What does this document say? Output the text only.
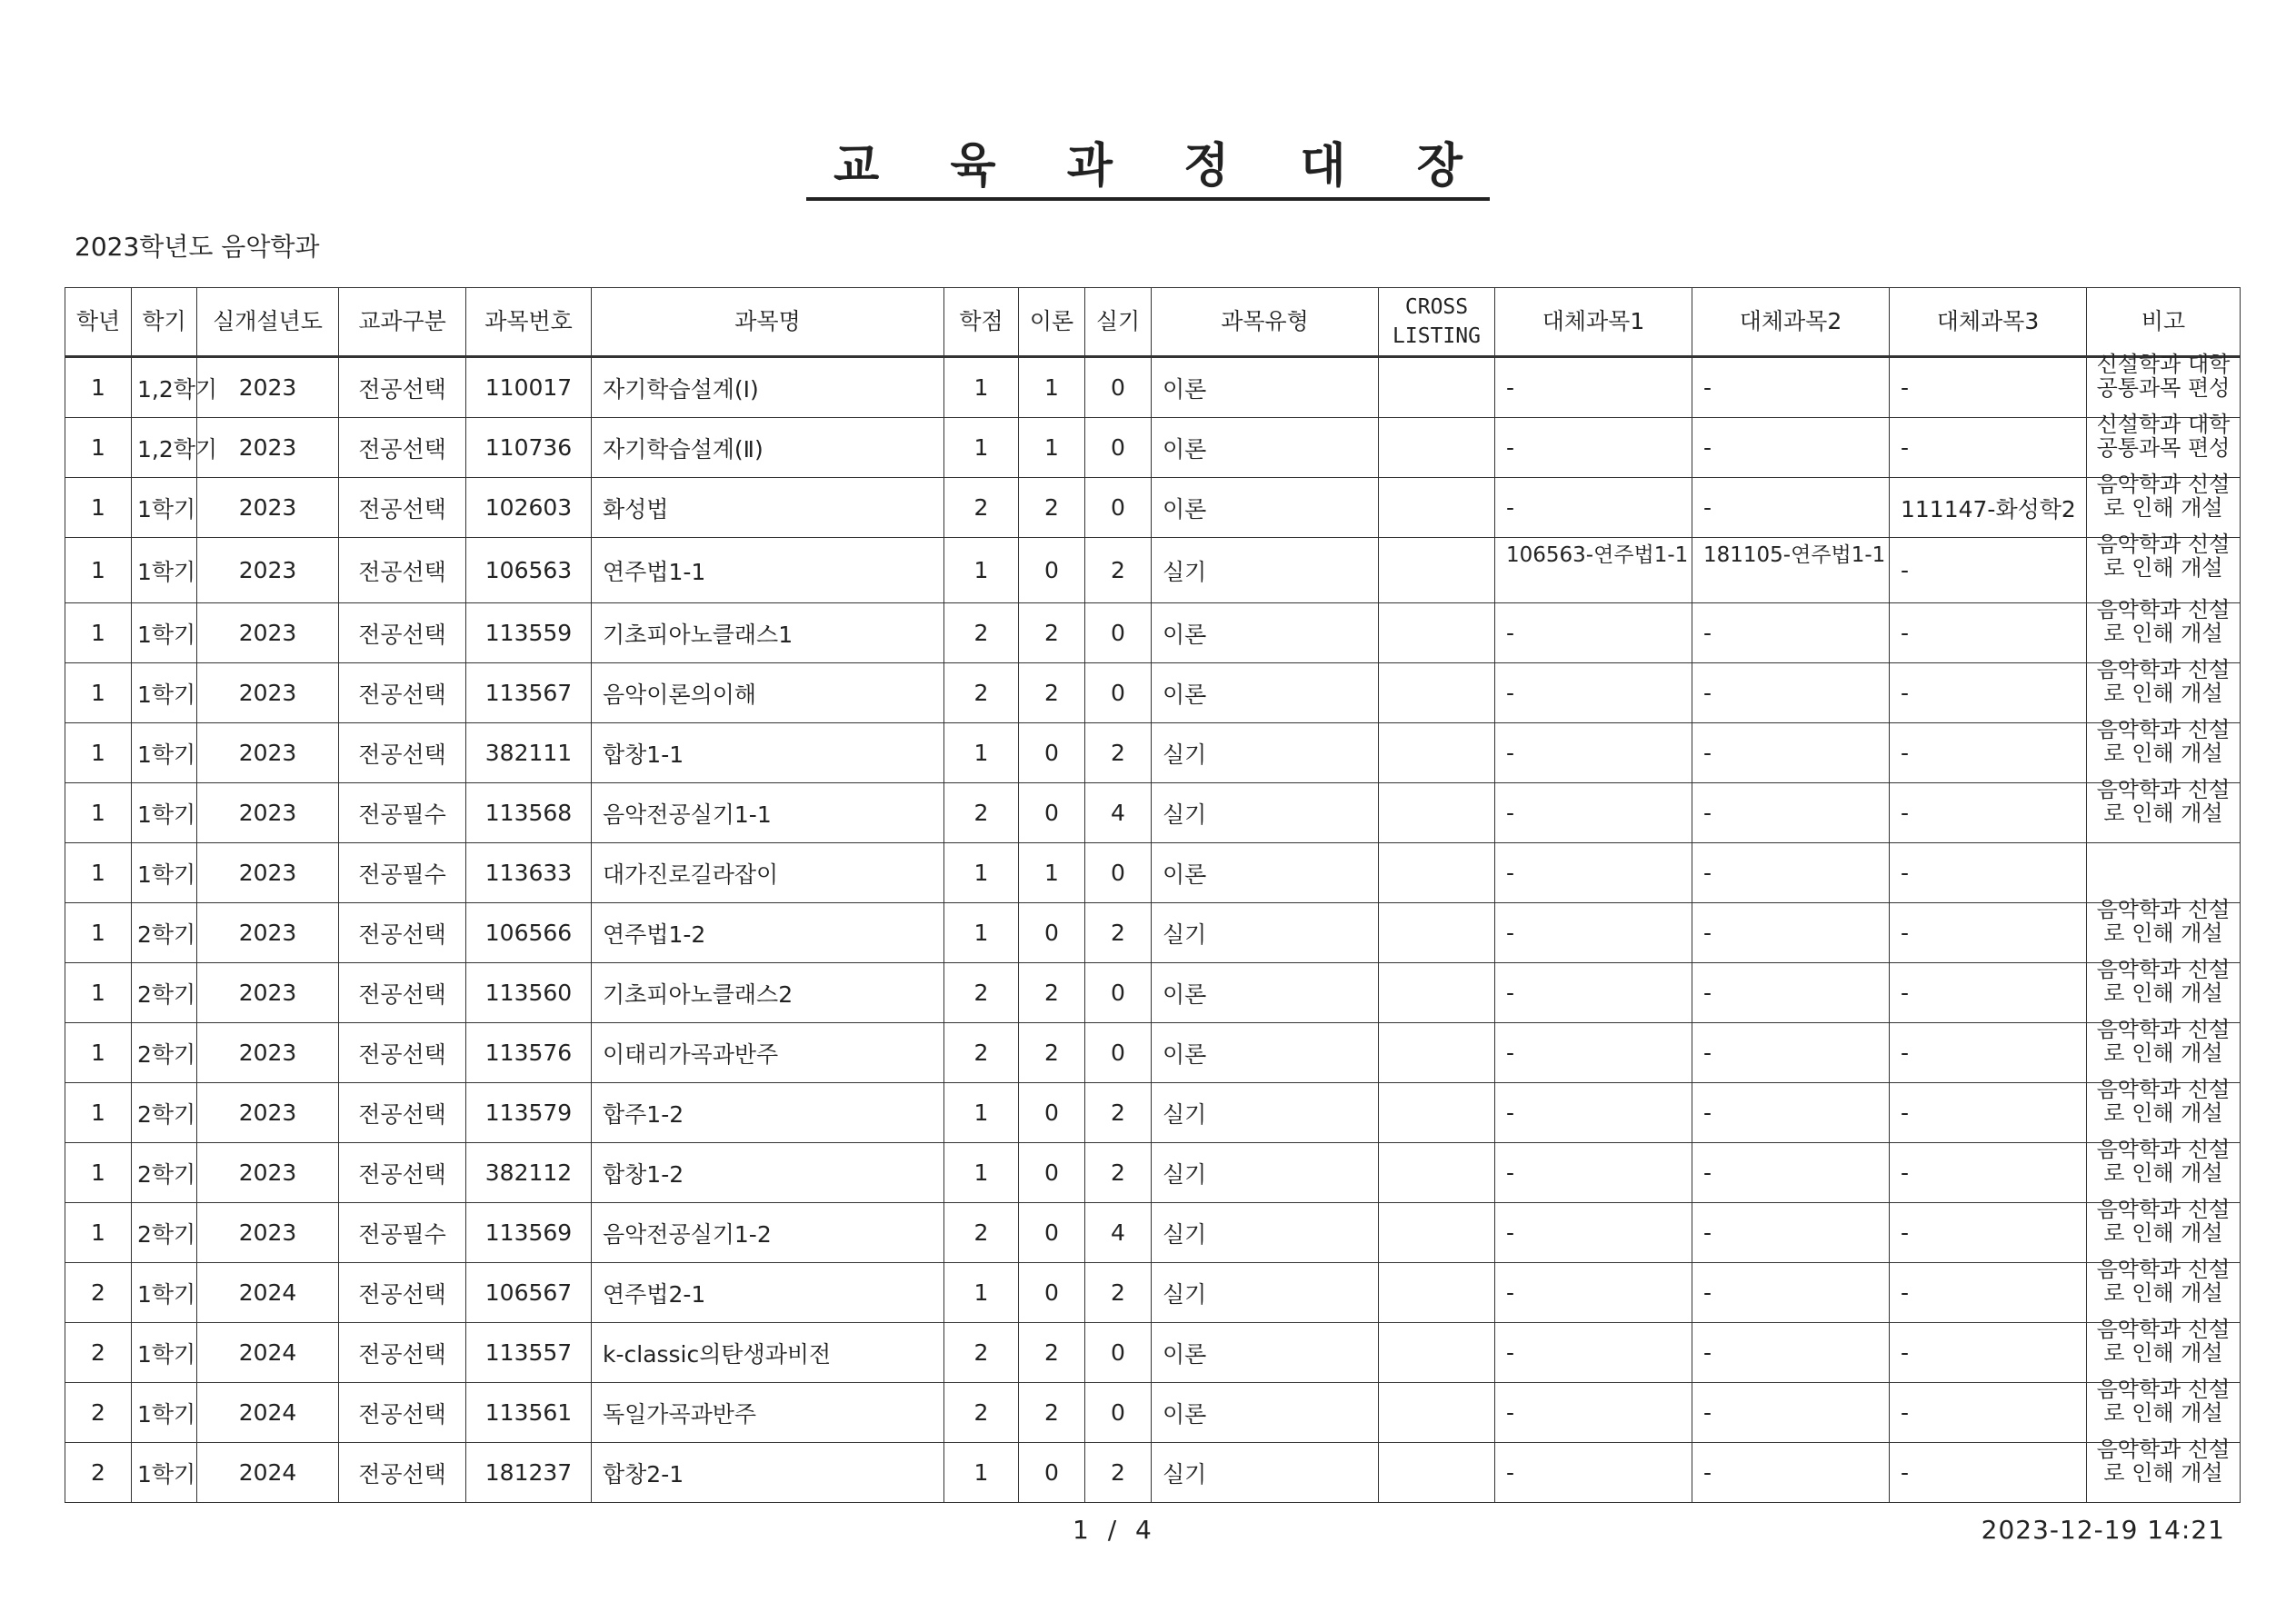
교 육 과 정 대 장
2023학년도 음악학과
학년	학기	실개설년도	교과구분	과목번호	과목명	학점	이론	실기	과목유형	CROSS LISTING	대체과목1	대체과목2	대체과목3	비고
1	1,2학기	2023	전공선택	110017	자기학습설계(Ⅰ)	1	1	0	이론		-	-	-	신설학과 대학공통과목 편성

1	1,2학기	2023	전공선택	110736	자기학습설계(Ⅱ)	1	1	0	이론		-	-	-	신설학과 대학공통과목 편성

1	1학기	2023	전공선택	102603	화성법	2	2	0	이론		-	-	111147-화성학2	음악학과 신설로 인해 개설

1	1학기	2023	전공선택	106563	연주법1-1	1	0	2	실기		106563-연주법1-1	181105-연주법1-1	-	음악학과 신설로 인해 개설

1	1학기	2023	전공선택	113559	기초피아노클래스1	2	2	0	이론		-	-	-	음악학과 신설로 인해 개설

1	1학기	2023	전공선택	113567	음악이론의이해	2	2	0	이론		-	-	-	음악학과 신설로 인해 개설

1	1학기	2023	전공선택	382111	합창1-1	1	0	2	실기		-	-	-	음악학과 신설로 인해 개설

1	1학기	2023	전공필수	113568	음악전공실기1-1	2	0	4	실기		-	-	-	음악학과 신설로 인해 개설

1	1학기	2023	전공필수	113633	대가진로길라잡이	1	1	0	이론		-	-	-	

1	2학기	2023	전공선택	106566	연주법1-2	1	0	2	실기		-	-	-	음악학과 신설로 인해 개설

1	2학기	2023	전공선택	113560	기초피아노클래스2	2	2	0	이론		-	-	-	음악학과 신설로 인해 개설

1	2학기	2023	전공선택	113576	이태리가곡과반주	2	2	0	이론		-	-	-	음악학과 신설로 인해 개설

1	2학기	2023	전공선택	113579	합주1-2	1	0	2	실기		-	-	-	음악학과 신설로 인해 개설

1	2학기	2023	전공선택	382112	합창1-2	1	0	2	실기		-	-	-	음악학과 신설로 인해 개설

1	2학기	2023	전공필수	113569	음악전공실기1-2	2	0	4	실기		-	-	-	음악학과 신설로 인해 개설

2	1학기	2024	전공선택	106567	연주법2-1	1	0	2	실기		-	-	-	음악학과 신설로 인해 개설

2	1학기	2024	전공선택	113557	k-classic의탄생과비전	2	2	0	이론		-	-	-	음악학과 신설로 인해 개설

2	1학기	2024	전공선택	113561	독일가곡과반주	2	2	0	이론		-	-	-	음악학과 신설로 인해 개설

2	1학기	2024	전공선택	181237	합창2-1	1	0	2	실기		-	-	-	음악학과 신설로 인해 개설
1 / 4	2023-12-19 14:21
